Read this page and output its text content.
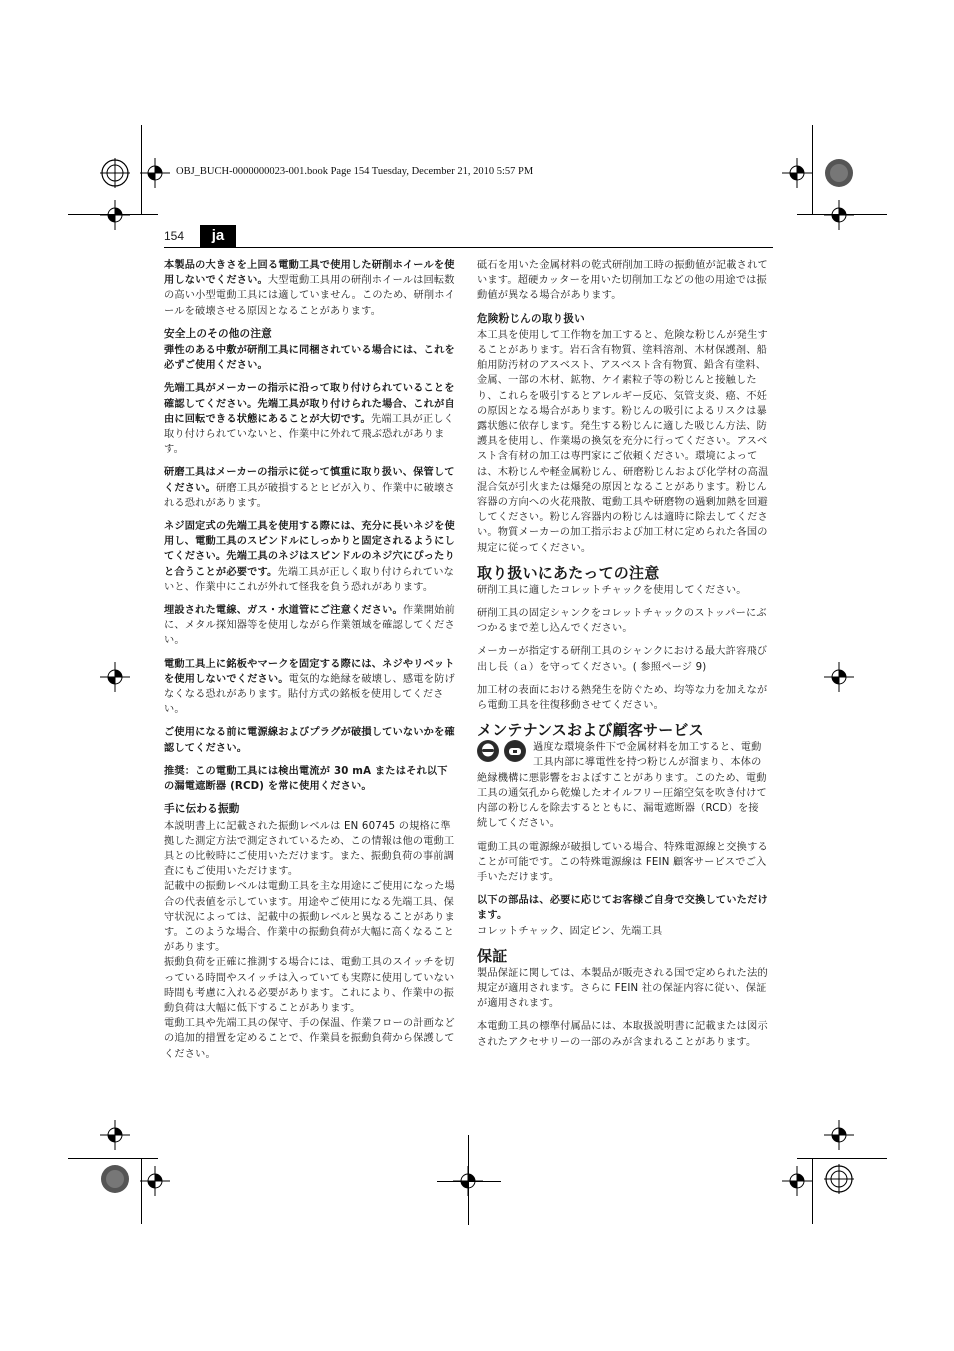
OBJ_BUCH-0000000023-001.book Page 154 Tuesday, December 21, 2010 5:57 PM
154	ja

本製品の大きさを上回る電動工具で使用した研削ホイールを使用しないでください。大型電動工具用の研削ホイールは回転数の高い小型電動工具には適していません。このため、研削ホイールを破壊させる原因となることがあります。

安全上のその他の注意

弾性のある中敷が研削工具に同梱されている場合には、これを必ずご使用ください。

先端工具がメーカーの指示に沿って取り付けられていることを確認してください。先端工具が取り付けられた場合、これが自由に回転できる状態にあることが大切です。先端工具が正しく取り付けられていないと、作業中に外れて飛ぶ恐れがあります。

研磨工具はメーカーの指示に従って慎重に取り扱い、保管してください。研磨工具が破損するとヒビが入り、作業中に破壊される恐れがあります。

ネジ固定式の先端工具を使用する際には、充分に長いネジを使用し、電動工具のスピンドルにしっかりと固定されるようにしてください。先端工具のネジはスピンドルのネジ穴にぴったりと合うことが必要です。先端工具が正しく取り付けられていないと、作業中にこれが外れて怪我を負う恐れがあります。

埋設された電線、ガス・水道管にご注意ください。作業開始前に、メタル探知器等を使用しながら作業領域を確認してください。

電動工具上に銘板やマークを固定する際には、ネジやリベットを使用しないでください。電気的な絶縁を破壊し、感電を防げなくなる恐れがあります。貼付方式の銘板を使用してください。

ご使用になる前に電源線およびプラグが破損していないかを確認してください。

推奨：この電動工具には検出電流が 30 mA またはそれ以下の漏電遮断器 (RCD) を常に使用ください。

手に伝わる振動

本説明書上に記載された振動レベルは EN 60745 の規格に準拠した測定方法で測定されているため、この情報は他の電動工具との比較時にご使用いただけます。また、振動負荷の事前調査にもご使用いただけます。

記載中の振動レベルは電動工具を主な用途にご使用になった場合の代表値を示しています。用途やご使用になる先端工具、保守状況によっては、記載中の振動レベルと異なることがあります。このような場合、作業中の振動負荷が大幅に高くなることがあります。

振動負荷を正確に推測する場合には、電動工具のスイッチを切っている時間やスイッチは入っていても実際に使用していない時間も考慮に入れる必要があります。これにより、作業中の振動負荷は大幅に低下することがあります。

電動工具や先端工具の保守、手の保温、作業フローの計画などの追加的措置を定めることで、作業員を振動負荷から保護してください。

砥石を用いた金属材料の乾式研削加工時の振動値が記載されています。超硬カッターを用いた切削加工などの他の用途では振動値が異なる場合があります。

危険粉じんの取り扱い

本工具を使用して工作物を加工すると、危険な粉じんが発生することがあります。岩石含有物質、塗料溶剤、木材保護剤、船舶用防汚材のアスベスト、アスベスト含有物質、鉛含有塗料、金属、一部の木材、鉱物、ケイ素粒子等の粉じんと接触したり、これらを吸引するとアレルギー反応、気管支炎、癌、不妊の原因となる場合があります。粉じんの吸引によるリスクは暴露状態に依存します。発生する粉じんに適した吸じん方法、防護具を使用し、作業場の換気を充分に行ってください。アスベスト含有材の加工は専門家にご依頼ください。環境によっては、木粉じんや軽金属粉じん、研磨粉じんおよび化学材の高温混合気が引火または爆発の原因となることがあります。粉じん容器の方向への火花飛散、電動工具や研磨物の過剰加熱を回避してください。粉じん容器内の粉じんは適時に除去してください。物質メーカーの加工指示および加工材に定められた各国の規定に従ってください。

取り扱いにあたっての注意

研削工具に適したコレットチャックを使用してください。

研削工具の固定シャンクをコレットチャックのストッパーにぶつかるまで差し込んでください。

メーカーが指定する研削工具のシャンクにおける最大許容飛び出し長（ａ）を守ってください。( 参照ページ 9)

加工材の表面における熱発生を防ぐため、均等な力を加えながら電動工具を往復移動させてください。

メンテナンスおよび顧客サービス

過度な環境条件下で金属材料を加工すると、電動工具内部に導電性を持つ粉じんが溜まり、本体の絶縁機構に悪影響をおよぼすことがあります。このため、電動工具の通気孔から乾燥したオイルフリー圧縮空気を吹き付けて内部の粉じんを除去するとともに、漏電遮断器（RCD）を接続してください。

電動工具の電源線が破損している場合、特殊電源線と交換することが可能です。この特殊電源線は FEIN 顧客サービスでご入手いただけます。

以下の部品は、必要に応じてお客様ご自身で交換していただけます。
コレットチャック、固定ピン、先端工具

保証

製品保証に関しては、本製品が販売される国で定められた法的規定が適用されます。さらに FEIN 社の保証内容に従い、保証が適用されます。

本電動工具の標準付属品には、本取扱説明書に記載または図示されたアクセサリーの一部のみが含まれることがあります。
